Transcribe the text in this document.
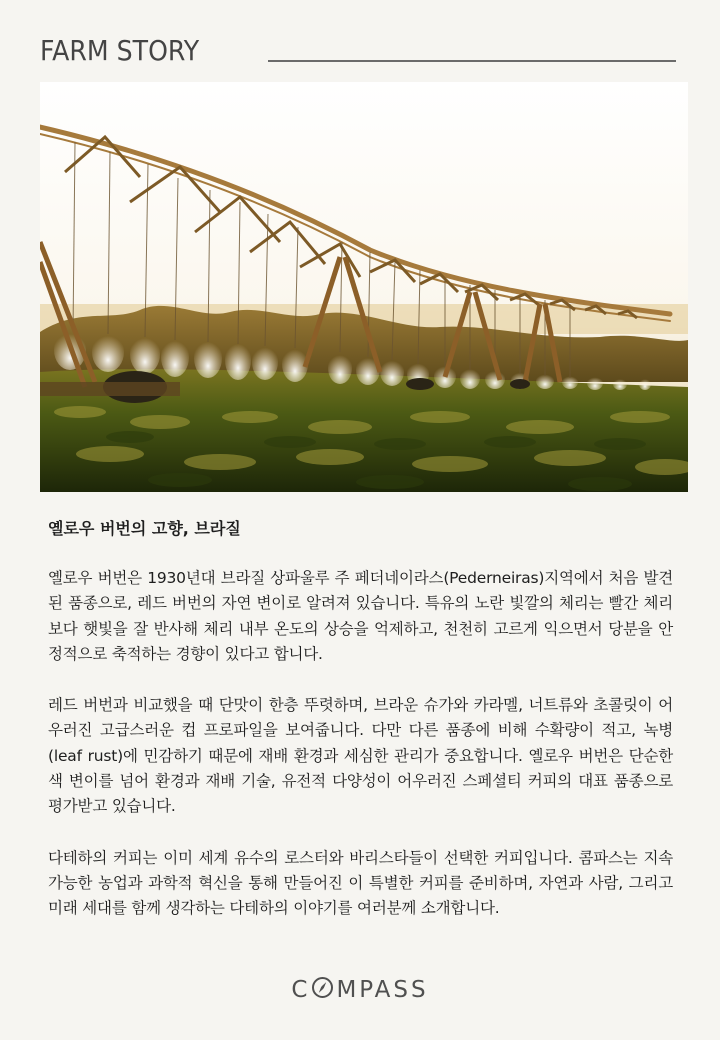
FARM STORY
옐로우 버번의 고향, 브라질

옐로우 버번은 1930년대 브라질 상파울루 주 페더네이라스(Pederneiras)지역에서 처음 발견된 품종으로, 레드 버번의 자연 변이로 알려져 있습니다. 특유의 노란 빛깔의 체리는 빨간 체리보다 햇빛을 잘 반사해 체리 내부 온도의 상승을 억제하고, 천천히 고르게 익으면서 당분을 안정적으로 축적하는 경향이 있다고 합니다.

레드 버번과 비교했을 때 단맛이 한층 뚜렷하며, 브라운 슈가와 카라멜, 너트류와 초콜릿이 어우러진 고급스러운 컵 프로파일을 보여줍니다. 다만 다른 품종에 비해 수확량이 적고, 녹병(leaf rust)에 민감하기 때문에 재배 환경과 세심한 관리가 중요합니다. 옐로우 버번은 단순한 색 변이를 넘어 환경과 재배 기술, 유전적 다양성이 어우러진 스페셜티 커피의 대표 품종으로 평가받고 있습니다.

다테하의 커피는 이미 세계 유수의 로스터와 바리스타들이 선택한 커피입니다. 콤파스는 지속 가능한 농업과 과학적 혁신을 통해 만들어진 이 특별한 커피를 준비하며, 자연과 사람, 그리고 미래 세대를 함께 생각하는 다테하의 이야기를 여러분께 소개합니다.

C MPASS
